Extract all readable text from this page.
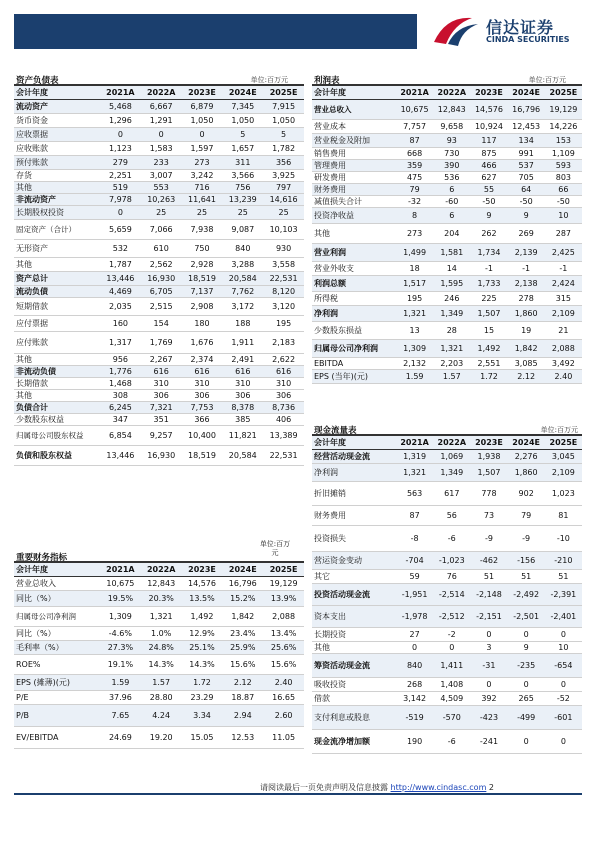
信达证券
CINDA SECURITIES
资产负债表	单位:百万元
会计年度	2021A	2022A	2023E	2024E	2025E
流动资产	5,468	6,667	6,879	7,345	7,915
货币资金	1,296	1,291	1,050	1,050	1,050
应收票据	0	0	0	5	5
应收账款	1,123	1,583	1,597	1,657	1,782
预付账款	279	233	273	311	356
存货	2,251	3,007	3,242	3,566	3,925
其他	519	553	716	756	797
非流动资产	7,978	10,263	11,641	13,239	14,616
长期股权投资	0	25	25	25	25
固定资产（合计）	5,659	7,066	7,938	9,087	10,103
无形资产	532	610	750	840	930
其他	1,787	2,562	2,928	3,288	3,558
资产总计	13,446	16,930	18,519	20,584	22,531
流动负债	4,469	6,705	7,137	7,762	8,120
短期借款	2,035	2,515	2,908	3,172	3,120
应付票据	160	154	180	188	195
应付账款	1,317	1,769	1,676	1,911	2,183
其他	956	2,267	2,374	2,491	2,622
非流动负债	1,776	616	616	616	616
长期借款	1,468	310	310	310	310
其他	308	306	306	306	306
负债合计	6,245	7,321	7,753	8,378	8,736
少数股东权益	347	351	366	385	406
归属母公司股东权益	6,854	9,257	10,400	11,821	13,389
负债和股东权益	13,446	16,930	18,519	20,584	22,531
利润表	单位:百万元
会计年度	2021A	2022A	2023E	2024E	2025E
营业总收入	10,675	12,843	14,576	16,796	19,129
营业成本	7,757	9,658	10,924	12,453	14,226
营业税金及附加	87	93	117	134	153
销售费用	668	730	875	991	1,109
管理费用	359	390	466	537	593
研发费用	475	536	627	705	803
财务费用	79	6	55	64	66
减值损失合计	-32	-60	-50	-50	-50
投资净收益	8	6	9	9	10
其他	273	204	262	269	287
营业利润	1,499	1,581	1,734	2,139	2,425
营业外收支	18	14	-1	-1	-1
利润总额	1,517	1,595	1,733	2,138	2,424
所得税	195	246	225	278	315
净利润	1,321	1,349	1,507	1,860	2,109
少数股东损益	13	28	15	19	21
归属母公司净利润	1,309	1,321	1,492	1,842	2,088
EBITDA	2,132	2,203	2,551	3,085	3,492
EPS (当年)(元)	1.59	1.57	1.72	2.12	2.40
重要财务指标
单位:百万元
会计年度	2021A	2022A	2023E	2024E	2025E
营业总收入	10,675	12,843	14,576	16,796	19,129
同比（%）	19.5%	20.3%	13.5%	15.2%	13.9%
归属母公司净利润	1,309	1,321	1,492	1,842	2,088
同比（%）	-4.6%	1.0%	12.9%	23.4%	13.4%
毛利率（%）	27.3%	24.8%	25.1%	25.9%	25.6%
ROE%	19.1%	14.3%	14.3%	15.6%	15.6%
EPS (摊薄)(元)	1.59	1.57	1.72	2.12	2.40
P/E	37.96	28.80	23.29	18.87	16.65
P/B	7.65	4.24	3.34	2.94	2.60
EV/EBITDA	24.69	19.20	15.05	12.53	11.05
现金流量表	单位:百万元
会计年度	2021A	2022A	2023E	2024E	2025E
经营活动现金流	1,319	1,069	1,938	2,276	3,045
净利润	1,321	1,349	1,507	1,860	2,109
折旧摊销	563	617	778	902	1,023
财务费用	87	56	73	79	81
投资损失	-8	-6	-9	-9	-10
营运资金变动	-704	-1,023	-462	-156	-210
其它	59	76	51	51	51
投资活动现金流	-1,951	-2,514	-2,148	-2,492	-2,391
资本支出	-1,978	-2,512	-2,151	-2,501	-2,401
长期投资	27	-2	0	0	0
其他	0	0	3	9	10
筹资活动现金流	840	1,411	-31	-235	-654
吸收投资	268	1,408	0	0	0
借款	3,142	4,509	392	265	-52
支付利息或股息	-519	-570	-423	-499	-601
现金流净增加额	190	-6	-241	0	0
请阅读最后一页免责声明及信息披露 http://www.cindasc.com 2
